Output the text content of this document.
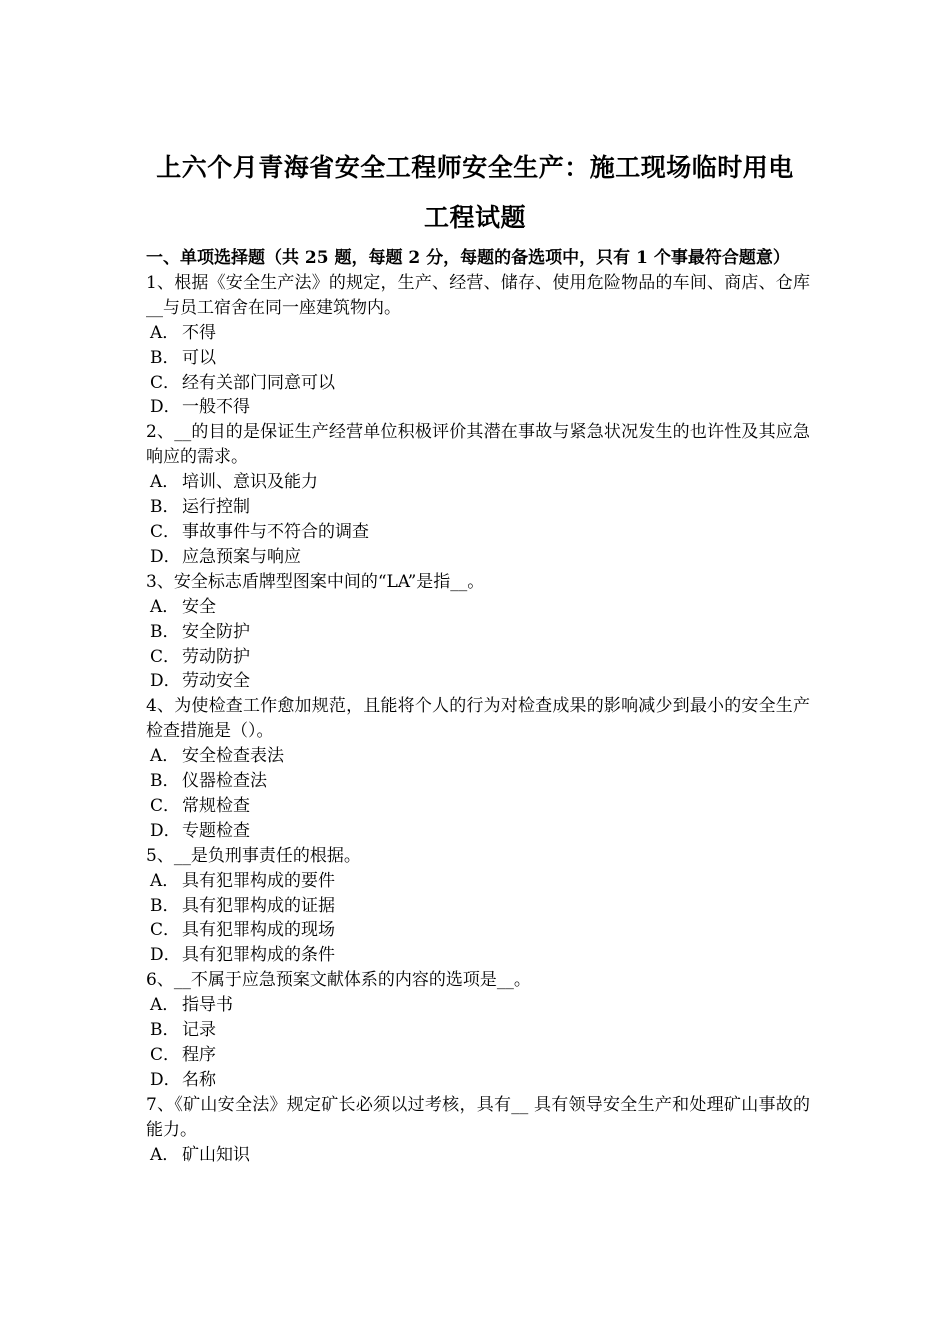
上六个月青海省安全工程师安全生产：施工现场临时用电
工程试题
一、单项选择题（共 25 题，每题 2 分，每题的备选项中，只有 1 个事最符合题意）
1、根据《安全生产法》的规定，生产、经营、储存、使用危险物品的车间、商店、仓库__与员工宿舍在同一座建筑物内。
A． 不得
B． 可以
C． 经有关部门同意可以
D．一般不得
2、__的目的是保证生产经营单位积极评价其潜在事故与紧急状况发生的也许性及其应急响应的需求。
A． 培训、意识及能力
B． 运行控制
C． 事故事件与不符合的调查
D．应急预案与响应
3、安全标志盾牌型图案中间的“LA”是指__。
A． 安全
B． 安全防护
C． 劳动防护
D．劳动安全
4、为使检查工作愈加规范，且能将个人的行为对检查成果的影响减少到最小的安全生产检查措施是（）。
A． 安全检查表法
B． 仪器检查法
C． 常规检查
D．专题检查
5、__是负刑事责任的根据。
A． 具有犯罪构成的要件
B． 具有犯罪构成的证据
C． 具有犯罪构成的现场
D．具有犯罪构成的条件
6、__不属于应急预案文献体系的内容的选项是__。
A． 指导书
B． 记录
C． 程序
D．名称
7、《矿山安全法》规定矿长必须以过考核，具有__ 具有领导安全生产和处理矿山事故的能力。
A． 矿山知识
